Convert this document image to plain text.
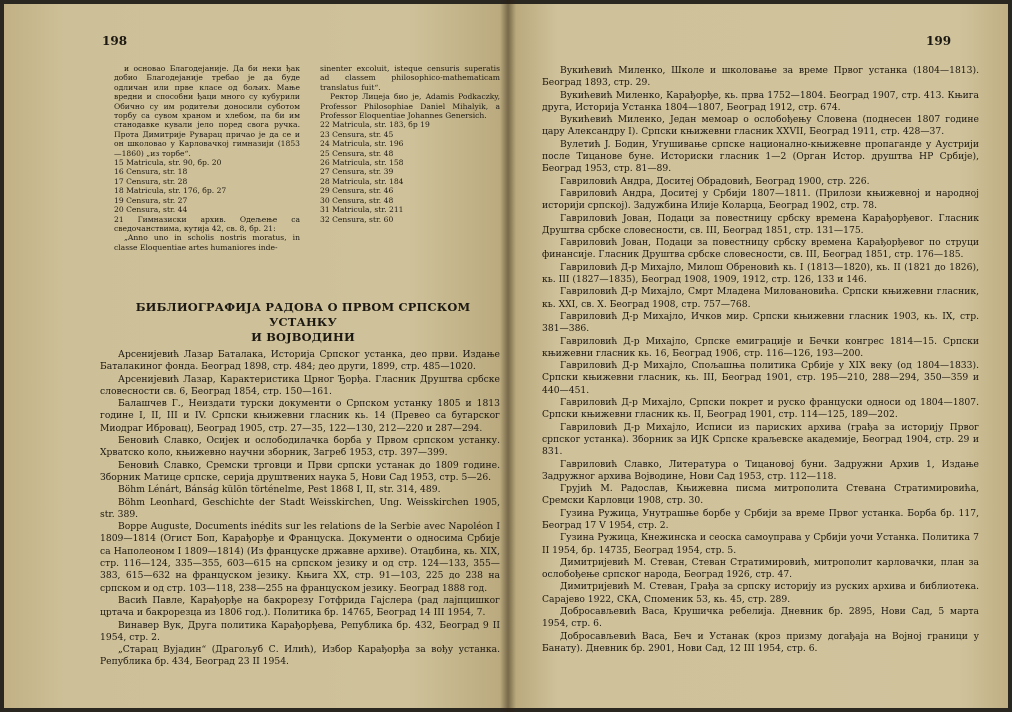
198

и основао Благодејаније. Да би неки ђак добио Благодејаније требао је да буде одличан или прве класе од бољих. Мање вредни и способни ђаци много су кубурили Обично су им родитељи доносили суботом торбу са сувом храном и хлебом, па би им станодавке кували јело поред свога ручка. Прота Димитрије Руварац причао је да се и он школовао у Карловачкој гимназији (1853—1860) „из торбе“.

15 Matricula, str. 90, бр. 20

16 Censura, str. 18

17 Censura, str. 28

18 Matricula, str. 176, бр. 27

19 Censura, str. 27

20 Censura, str. 44

21 Гимназиски архив. Одељење са сведочанствима, кутија 42, св. 8, бр. 21:

„Anno uno in scholis nostris moratus, in classe Eloquentiae artes humaniores inde-

sinenter excoluit, isteque censuris superatis ad classem philosophico-mathematicam translatus fuit“.

Ректор Лицеја био је, Adamis Podkaczky, Professor Philosophiae Daniel Mihalyik, a Professor Eloquentiae Johannes Genersich.

22 Matricula, str. 183, бр 19

23 Censura, str. 45

24 Matricula, str. 196

25 Censura, str. 48

26 Matricula, str. 158

27 Censura, str. 39

28 Matricula, str. 184

29 Censura, str. 46

30 Censura, str. 48

31 Matricula, str. 211

32 Censura, str. 60

БИБЛИОГРАФИЈА РАДОВА О ПРВОМ СРПСКОМ УСТАНКУ
И ВОЈВОДИНИ

Арсенијевић Лазар Баталака, Историја Српског устанка, део први. Издање Баталакиног фонда. Београд 1898, стр. 484; део други, 1899, стр. 485—1020.

Арсенијевић Лазар, Карактеристика Црног Ђорђа. Гласник Друштва србске словесности св. 6, Београд 1854, стр. 150—161.

Балашчев Г., Неиздати турски документи о Српском устанку 1805 и 1813 године I, II, III и IV. Српски књижевни гласник кь. 14 (Превео са бугарског Миодраг Ибровац), Београд 1905, стр. 27—35, 122—130, 212—220 и 287—294.

Беновић Славко, Осијек и ослободилачка борба у Првом српском устанку. Хрватско коло, књижевно научни зборник, Загреб 1953, стр. 397—399.

Беновић Славко, Сремски трговци и Први српски устанак до 1809 године. Зборник Матице српске, серија друштвених наука 5, Нови Сад 1953, стр. 5—26.

Böhm Lénárt, Bánság külön történelme, Pest 1868 I, II, str. 314, 489.

Böhm Leonhard, Geschichte der Stadt Weisskirchen, Ung. Weisskirchen 1905, str. 389.

Boppe Auguste, Documents inédits sur les relations de la Serbie avec Napoléon I 1809—1814 (Огист Боп, Карађорђе и Француска. Документи о односима Србије са Наполеоном I 1809—1814) (Из француске државне архиве). Отаџбина, кь. XIX, стр. 116—124, 335—355, 603—615 на српском језику и од стр. 124—133, 355—383, 615—632 на француском језику. Књига XX, стр. 91—103, 225 до 238 на српском и од стр. 103—118, 238—255 на француском језику. Београд 1888 год.

Васић Павле, Карађорђе на бакрорезу Готфрида Гајслера (рад лајпцишког цртача и бакрорезца из 1806 год.). Политика бр. 14765, Београд 14 III 1954, 7.

Винавер Вук, Друга политика Карађорђева, Република бр. 432, Београд 9 II 1954, стр. 2.

„Старац Вујадин“ (Драгољуб С. Илић), Избор Карађорђа за вођу устанка. Република бр. 434, Београд 23 II 1954.

199

Вукићевић Миленко, Школе и школовање за време Првог устанка (1804—1813). Београд 1893, стр. 29.

Вукићевић Миленко, Карађорђе, кь. прва 1752—1804. Београд 1907, стр. 413. Књига друга, Историја Устанка 1804—1807, Београд 1912, стр. 674.

Вукићевић Миленко, Један мемоар о ослобођењу Словена (поднесен 1807 године цару Александру I). Српски књижевни гласник XXVII, Београд 1911, стр. 428—37.

Вулетић J. Бодин, Угушивање српске национално-књижевне пропаганде у Аустрији после Тицанове буне. Историски гласник 1—2 (Орган Истор. друштва НР Србије), Београд 1953, стр. 81—89.

Гавриловић Андра, Доситеј Обрадовић, Београд 1900, стр. 226.

Гавриловић Андра, Доситеј у Србији 1807—1811. (Прилози књижевној и народној историји српској). Задужбина Илије Коларца, Београд 1902, стр. 78.

Гавриловић Јован, Подаци за повестницу србску времена Карађорђевог. Гласник Друштва србске словесности, св. III, Београд 1851, стр. 131—175.

Гавриловић Јован, Подаци за повестницу србску времена Карађорђевог по струци финансије. Гласник Друштва србске словесности, св. III, Београд 1851, стр. 176—185.

Гавриловић Д-р Михајло, Милош Обреновић кь. I (1813—1820), кь. II (1821 до 1826), кь. III (1827—1835), Београд 1908, 1909, 1912, стр. 126, 133 и 146.

Гавриловић Д-р Михајло, Смрт Младена Миловановића. Српски књижевни гласник, кь. XXI, св. X. Београд 1908, стр. 757—768.

Гавриловић Д-р Михајло, Ичков мир. Српски књижевни гласник 1903, кь. IX, стр. 381—386.

Гавриловић Д-р Михајло, Српске емиграције и Бечки конгрес 1814—15. Српски књижевни гласник кь. 16, Београд 1906, стр. 116—126, 193—200.

Гавриловић Д-р Михајло, Спољашња политика Србије у XIX веку (од 1804—1833). Српски књижевни гласник, кь. III, Београд 1901, стр. 195—210, 288—294, 350—359 и 440—451.

Гавриловић Д-р Михајло, Српски покрет и руско француски односи од 1804—1807. Српски књижевни гласник кь. II, Београд 1901, стр. 114—125, 189—202.

Гавриловић Д-р Михајло, Исписи из париских архива (грађа за историју Првог српског устанка). Зборник за ИЈК Српске краљевске академије, Београд 1904, стр. 29 и 831.

Гавриловић Славко, Литература о Тицановој буни. Задружни Архив 1, Издање Задружног архива Војводине, Нови Сад 1953, стр. 112—118.

Грујић М. Радослав, Књижевна писма митрополита Стевана Стратимировића, Сремски Карловци 1908, стр. 30.

Гузина Ружица, Унутрашње борбе у Србији за време Првог устанка. Борба бр. 117, Београд 17 V 1954, стр. 2.

Гузина Ружица, Кнежинска и сеоска самоуправа у Србији уочи Устанка. Политика 7 II 1954, бр. 14735, Београд 1954, стр. 5.

Димитријевић М. Стеван, Стеван Стратимировић, митрополит карловачки, план за ослобођење српског народа, Београд 1926, стр. 47.

Димитријевић М. Стеван, Грађа за српску историју из руских архива и библиотека. Сарајево 1922, СКА, Споменик 53, кь. 45, стр. 289.

Добросављевић Васа, Крушичка ребелија. Дневник бр. 2895, Нови Сад, 5 марта 1954, стр. 6.

Добросављевић Васа, Беч и Устанак (кроз призму догађаја на Војној граници у Банату). Дневник бр. 2901, Нови Сад, 12 III 1954, стр. 6.
